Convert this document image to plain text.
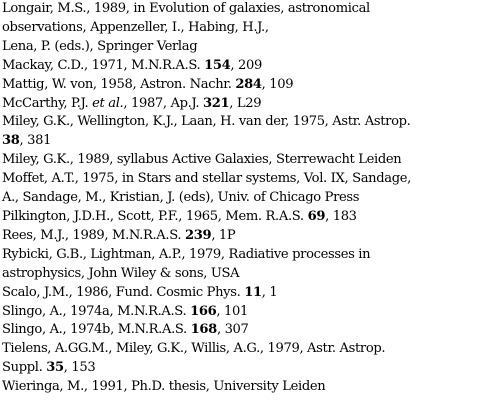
Longair, M.S., 1989, in Evolution of galaxies, astronomical
observations, Appenzeller, I., Habing, H.J.,
Lena, P. (eds.), Springer Verlag

Mackay, C.D., 1971, M.N.R.A.S. 154, 209

Mattig, W. von, 1958, Astron. Nachr. 284, 109

McCarthy, P.J. et al., 1987, Ap.J. 321, L29

Miley, G.K., Wellington, K.J., Laan, H. van der, 1975, Astr. Astrop.
38, 381

Miley, G.K., 1989, syllabus Active Galaxies, Sterrewacht Leiden

Moffet, A.T., 1975, in Stars and stellar systems, Vol. IX, Sandage,
A., Sandage, M., Kristian, J. (eds), Univ. of Chicago Press

Pilkington, J.D.H., Scott, P.F., 1965, Mem. R.A.S. 69, 183

Rees, M.J., 1989, M.N.R.A.S. 239, 1P

Rybicki, G.B., Lightman, A.P., 1979, Radiative processes in
astrophysics, John Wiley & sons, USA

Scalo, J.M., 1986, Fund. Cosmic Phys. 11, 1

Slingo, A., 1974a, M.N.R.A.S. 166, 101

Slingo, A., 1974b, M.N.R.A.S. 168, 307

Tielens, A.GG.M., Miley, G.K., Willis, A.G., 1979, Astr. Astrop.
Suppl. 35, 153

Wieringa, M., 1991, Ph.D. thesis, University Leiden
